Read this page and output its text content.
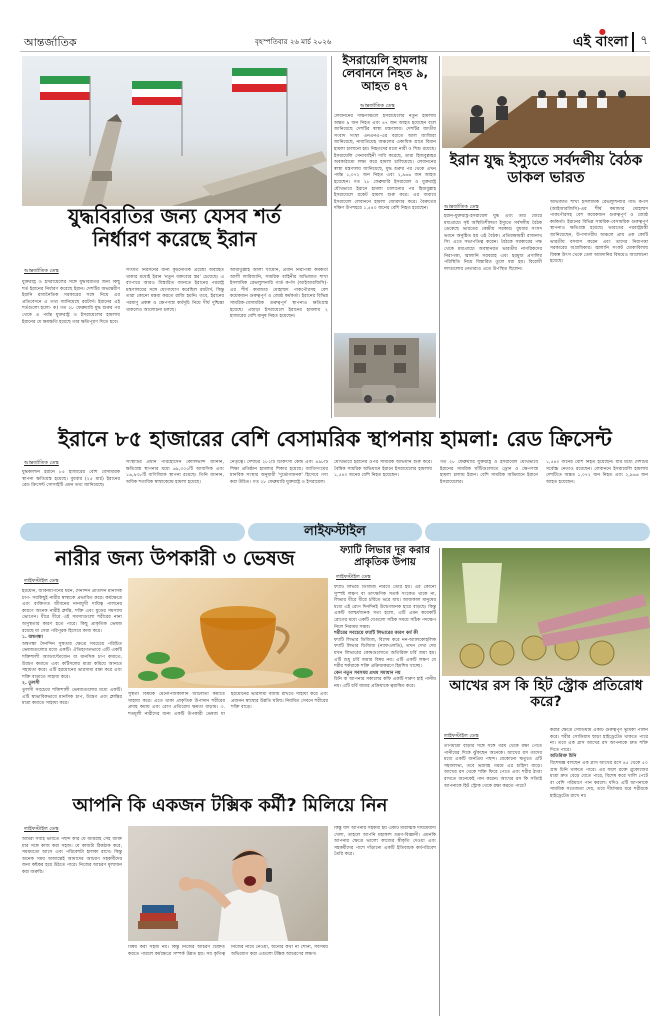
আন্তর্জাতিক	বৃহস্পতিবার ২৬ মার্চ ২০২৬
●
এই বাংলা	৭
যুদ্ধবিরতির জন্য যেসব শর্ত
নির্ধারণ করেছে ইরান
আন্তর্জাতিক ডেস্ক
যুক্তরাষ্ট্র ও ইসরায়েলের সঙ্গে যুদ্ধবিরতির জন্য কিছু শর্ত ইরানের নির্ধারণ করেছে ইরান। দেশটির অভ্যন্তরীণ ইরানি রাজনৈতিক সরকারের সঙ্গে নিয়ে এর প্রতিবেদনে এ তথ্য জানিয়েছে রয়টার্স। ইরানের এই শর্তগুলো হলো- ক) গত ২৮ ফেব্রুয়ারি যুদ্ধ শুরুর পর থেকে এ পর্যন্ত যুক্তরাষ্ট্র ও ইসরায়েলের হামলায় ইরানের যে ক্ষয়ক্ষতি হয়েছে তার ক্ষতিপূরণ দিতে হবে।
সংঘাত নিরসনের জন্য কূটনৈতিক প্রচেষ্টা অব্যাহত থাকার মধ্যেই ইরান 'নতুন বক্তব্যের স্তর' চেয়েছে। এ ব্যাপারে আরও বিস্তারিত জানতে ইরানের পররাষ্ট্র মন্ত্রণালয়ের সঙ্গে যোগাযোগ করেছিল রয়টার্স, কিন্তু তারা কোনো মন্তব্য করতে রাজি হয়নি। তবে, ইরানের পরমাণু প্রকল্প ও ক্ষেপণাস্ত্র কর্মসূচি নিয়ে দীর্ঘ দুশ্চিন্তা থাকলেও আলোচনা চলছে।
আয়াতুল্লাহ আলী খামেনি, প্রধান নিরাপত্তা কর্মকর্তা আলী লারিজানি, সামরিক বাহিনীর অভিজাত শাখা ইসলামিক রেভল্যুশনারি গার্ড কর্পস (আইআরজিসি)-এর শীর্ষ কমান্ডার মোহাম্মদ পাকপৌরসহ বেশ কয়েকজন গুরুত্বপূর্ণ ও জ্যেষ্ঠ কর্মকর্তা। ইরানের বিভিন্ন সামরিক-বেসামরিক গুরুত্বপূর্ণ স্থাপনাও ক্ষতিগ্রস্ত হয়েছে। এছাড়া ইসরায়েলে ইরানের হামলায় ২ হাজারের বেশি মানুষ নিহত হয়েছেন।
ইসরায়েলি হামলায় লেবাননে নিহত ৯, আহত ৪৭
আন্তর্জাতিক ডেস্ক
লেবাননের দক্ষিণাঞ্চলে ইসরায়েলের নতুন হামলায় অন্তত ৯ জন নিহত এবং ৪৭ জন আহত হয়েছেন বলে জানিয়েছে দেশটির স্বাস্থ্য মন্ত্রণালয়। দেশটির জাতীয় সংবাদ সংস্থা এনএনএ-এর বরাতে আল জাজিরা জানিয়েছে, নাবাতিয়েহ অঞ্চলের একাধিক গ্রামে বিমান হামলা চালানো হয়। নিহতদের মধ্যে নারী ও শিশু রয়েছে। ইসরায়েলি সেনাবাহিনী দাবি করেছে, তারা হিজবুল্লাহর অবকাঠামো লক্ষ্য করে হামলা চালিয়েছে। লেবাননের স্বাস্থ্য মন্ত্রণালয় জানিয়েছে, যুদ্ধ শুরুর পর থেকে এখন পর্যন্ত ১,০৭২ জন নিহত এবং ২,৯৬৬ জন আহত হয়েছেন। গত ২৮ ফেব্রুয়ারি ইসরায়েল ও যুক্তরাষ্ট্র যৌথভাবে ইরানে হামলা চালানোর পর হিজবুল্লাহ ইসরায়েলে রকেট হামলা শুরু করে। এর জবাবে ইসরায়েল লেবাননে হামলা জোরদার করে। বৈরুতের দক্ষিণ উপশহরে ১,৫৪০ জনের বেশি নিহত হয়েছেন।
ইরান যুদ্ধ ইস্যুতে সর্বদলীয় বৈঠক ডাকল ভারত
আন্তর্জাতিক ডেস্ক
ইরান-যুক্তরাষ্ট্র-ইসরায়েল যুদ্ধ এবং তার জেরে মধ্যপ্রাচ্যে সৃষ্ট অস্থিতিশীলতা ইস্যুতে সর্বদলীয় বৈঠক ডেকেছে ভারতের কেন্দ্রীয় সরকার। বুধবার সংসদ ভবনে অনুষ্ঠিত হয় এই বৈঠক। প্রতিরক্ষামন্ত্রী রাজনাথ সিং এতে সভাপতিত্ব করেন। বৈঠকে সরকারের পক্ষ থেকে মধ্যপ্রাচ্যে অবস্থানরত ভারতীয় নাগরিকদের নিরাপত্তা, জ্বালানি সরবরাহ এবং হরমুজ প্রণালির পরিস্থিতি নিয়ে বিস্তারিত তুলে ধরা হয়। বিরোধী দলগুলোর নেতারাও এতে উপস্থিত ছিলেন।
অভিজাত শাখা ইসলামিক রেভল্যুশনারি গার্ড কর্পস (আইআরজিসি)-এর শীর্ষ কমান্ডার মোহাম্মদ পাকপৌরসহ বেশ কয়েকজন গুরুত্বপূর্ণ ও জ্যেষ্ঠ কর্মকর্তা। ইরানের বিভিন্ন সামরিক-বেসামরিক গুরুত্বপূর্ণ স্থাপনাও ক্ষতিগ্রস্ত হয়েছে। ভারতের পররাষ্ট্রমন্ত্রী জানিয়েছেন, উপসাগরীয় অঞ্চলে প্রায় এক কোটি ভারতীয় বসবাস করেন এবং তাদের নিরাপত্তা সরকারের অগ্রাধিকার। জ্বালানি সংকট মোকাবিলায় বিকল্প উৎস থেকে তেল আমদানির বিষয়েও আলোচনা হয়েছে।
ইরানে ৮৫ হাজারের বেশি বেসামরিক স্থাপনায় হামলা: রেড ক্রিসেন্ট
আন্তর্জাতিক ডেস্ক
যুদ্ধকালীন ইরানে ৮৫ হাজারের বেশি বেসামরিক স্থাপনা ক্ষতিগ্রস্ত হয়েছে। বুধবার (২৫ মার্চ) ইরানের রেড ক্রিসেন্ট সোসাইটি এমন তথ্য জানিয়েছে।
সংস্থাটির প্রধান পীরহোসেন কোলিভান্দ জানান, ক্ষতিগ্রস্ত স্থাপনার মধ্যে ৬৯,৩০৫টি আবাসিক এবং ১৬,৯৩৮টি বাণিজ্যিক স্থাপনা রয়েছে। তিনি জানান, অধিক শতাধিক স্বাস্থ্যকেন্দ্রে হামলা হয়েছে।
নেতৃত্বে। দেশটির ২৮২টি চিকিৎসা কেন্দ্র এবং ৪৯৮টি শিক্ষা প্রতিষ্ঠান হামলার শিকার হয়েছে। জাতিসংঘের মানবিক সংস্থার অনুযায়ী 'দুর্ভোগজনক' হিসেবে গণ্য করা উচিত। গত ২৮ ফেব্রুয়ারি যুক্তরাষ্ট্র ও ইসরায়েল।
যৌথভাবে ইরানের ওপর সামরিক অভিযান শুরু করে। বৈশ্বিক সামরিক অভিযানে ইরানে ইসরায়েলের হামলায় ১,৫৪০ জনের বেশি নিহত হয়েছেন।
গত ২৮ ফেব্রুয়ারি যুক্তরাষ্ট্র ও ইসরায়েল যৌথভাবে ইরানের সামরিক ঘাঁটিগুলোতে ড্রোন ও ক্ষেপণাস্ত্র হামলা চালায় ইরান। বেশি সামরিক অভিযানে ইরানে ইসরায়েলের।
১,৫৪০ জনের বেশি নিহত হয়েছেন। যার মধ্যে দেশটির সর্বোচ্চ নেতাও রয়েছেন। লেবাননে ইসরায়েলি হামলায় দেশটিতে অন্তত ১,০৭২ জন নিহত এবং ২,৯৬৬ জন আহত হয়েছেন।
লাইফস্টাইল
নারীর জন্য উপকারী ৩ ভেষজ
লাইফস্টাইল ডেস্ক
হরমোন, জীবনযাপনের ধরন, দৈনন্দিন প্রতিদিন মানসিক চাপ- সবকিছুই নারীর স্বাস্থ্যকে প্রভাবিত করে। কর্মক্ষেত্রে এবং ব্যক্তিগত জীবনের নানামুখী দায়িত্ব পালনের কারণে অনেক নারীই ক্লান্তি, শক্তি এবং মুডের সমস্যায় ভোগেন। ধীরে ধীরে এই সমস্যাগুলো শরীরের নানা অসুস্থতার কারণ হতে পারে। কিছু প্রাকৃতিক ভেষজ রয়েছে যা সেরা পরিপূরক হিসেবে কাজ করে।
১. অশ্বগন্ধা
অশ্বগন্ধা দৈনন্দিন সুস্থতার ক্ষেত্রে সবচেয়ে পরিচিত ভেষজগুলোর মধ্যে একটি। ঐতিহ্যগতভাবে এটি একটি শক্তিশালী অ্যাডাপ্টোজেন বা মানসিক চাপ কমাতে, উদ্বেগ কমাতে এবং কর্টিসলের মাত্রা কমিয়ে আনতে সহায়তা করে। এটি হরমোনের ভারসাম্য রক্ষা করে এবং শক্তি বাড়াতে সাহায্য করে।
২. তুলসী
তুলসী সবচেয়ে শক্তিশালী ভেষজগুলোর মধ্যে একটি। এটি স্বাভাবিকভাবে মানসিক চাপ, উদ্বেগ এবং ক্লান্তির মাত্রা কমাতে সাহায্য করে।
সুস্থতা বিষয়ক মেনোপজকালীন জটিলতা কমাতে সাহায্য করে। এতে থাকা প্রাকৃতিক উপাদান শরীরের প্রদাহ কমায় এবং রোগ প্রতিরোধ ক্ষমতা বাড়ায়। ৩. শতমূলী নারীদের জন্য একটি উপকারী ভেষজ যা হরমোনের ভারসাম্য বজায় রাখতে সাহায্য করে এবং প্রজনন স্বাস্থ্যের উন্নতি ঘটায়। নিয়মিত সেবনে শরীরের শক্তি বাড়ে।
ফ্যাটি লিভার দূর করার প্রাকৃতিক উপায়
লাইফস্টাইল ডেস্ক
ফ্যাটি লিভার ডিজিজ নীরবে তৈরি হয়। এর কোনো সুস্পষ্ট লক্ষণ বা তাৎক্ষণিক সতর্ক সংকেত থাকে না, লিভার ধীরে ধীরে চর্বিতে ভরে যায়। আজকাল মানুষের মধ্যে এই রোগ দিনদিনই উদ্বেগজনক হারে বাড়ছে। কিন্তু একটি আশ্চর্যজনক সত্য হলো, এটি এমন কয়েকটি রোগের মধ্যে একটি যেগুলো সঠিক সময়ে সঠিক পদক্ষেপ নিলে নিরাময় সম্ভব।
শরীরের সবচেয়ে ফ্যাটি লিভারের কারণ কর্ম কী
ফ্যাটি লিভার ডিজিজ, বিশেষ করে নন-অ্যালকোহলিক ফ্যাটি লিভার ডিজিজ (ন্যাফএলডি), তখন দেখা দেয় যখন লিভারের কোষগুলোতে অতিরিক্ত চর্বি জমা হয়। এটি শুধু চর্বি জমার বিষয় নয়। এটি একটি লক্ষণ যে শরীর শর্করাকে শক্তি প্রক্রিয়াকরণে হিমশিম খাচ্ছে।
কেন নতুন সবসময় প্রথম সমাধান নয়
চিনি বা আপনার সকালের কফি একটি দারুণ হাই পানীয় নয়। এটি চর্বি জমার প্রক্রিয়াকে ত্বরান্বিত করে।	আখের রস কি হিট স্ট্রোক প্রতিরোধ করে?
লাইফস্টাইল ডেস্ক
তাপমাত্রা বাড়ার সঙ্গে সঙ্গে গরম থেকে রক্ষা পেতে পানীয়ের দিকে ঝুঁকছেন অনেকে। আখের রস তাদের মধ্যে একটি জনপ্রিয় পছন্দ। যেকোনো ঋতুতে এটি সহজলভ্য, তবে ভয়াবহ গরমে এর চাহিদা বাড়ে। আখের রস থেকে শক্তি ফিরে পেতে এবং শরীর ঠাণ্ডা রাখতে অনেকেই পান করেন। আখের রস কি সত্যিই আপনাকে হিট স্ট্রোক থেকে রক্ষা করতে পারে?
করার ক্ষেত্রে সোডিয়াম একটি গুরুত্বপূর্ণ ভূমিকা পালন করে। শরীর সোডিয়াম ছাড়া হাইড্রেটেড থাকতে পারে না। তবে এক গ্লাস আখের রস আপনাকে দ্রুত শক্তি দিতে পারে।
অতিরিক্ত চিনি
বিশেষজ্ঞ বলছেন এক গ্লাস আখের রসে ৪৫ থেকে ৫০ গ্রাম চিনি থাকতে পারে। এর ফলে রক্তে গ্লুকোজের মাত্রা দ্রুত বেড়ে যেতে পারে, বিশেষ করে খালি পেটে বা বেশি পরিমাণে পান করলে। যদিও এটি আপনাকে সাময়িক সতেজতা দেয়, তবে দীর্ঘসময় ধরে শরীরকে হাইড্রেটেড রাখে না।
আপনি কি একজন টক্সিক কর্মী? মিলিয়ে নিন
লাইফস্টাইল ডেস্ক
আমরা সবাই ভাবতে পছন্দ করি যে আমরাই সেই ব্যক্তি যার সঙ্গে কাজ করা সহজ। যে কাজটা ঠিকঠাক করে, সময়মতো আসে এবং পরিবেশটা হালকা রাখে। কিন্তু অনেক সময় অজান্তেই আমাদের আচরণ সহকর্মীদের জন্য কষ্টকর হয়ে উঠতে পারে। নিজের আচরণ মূল্যায়ন করা জরুরি।
বিষয় করা সহজ নয়। কিন্তু নিজের আচরণ চিহ্নিত করতে পারলে কর্মক্ষেত্রে সম্পর্ক উন্নত হয়। সব কৃতিত্ব নিজের নামে নেওয়া, অন্যের কথা না শোনা, সবসময় অভিযোগ করা এগুলো টক্সিক আচরণের লক্ষণ।
কিন্তু যদি আপনার সহকর্মী হয় একটি মারাত্মক দীর্ঘমেয়াদী খেলা, তাহলে আপনি মহাকাশ ভ্রমণ-বিজ্ঞানী। এমনকি আপনার ক্ষেত্রে ভালো কাজের স্বীকৃতি দেওয়া এবং সহকর্মীদের পাশে দাঁড়ানো একটি ইতিবাচক কর্মপরিবেশ তৈরি করে।
